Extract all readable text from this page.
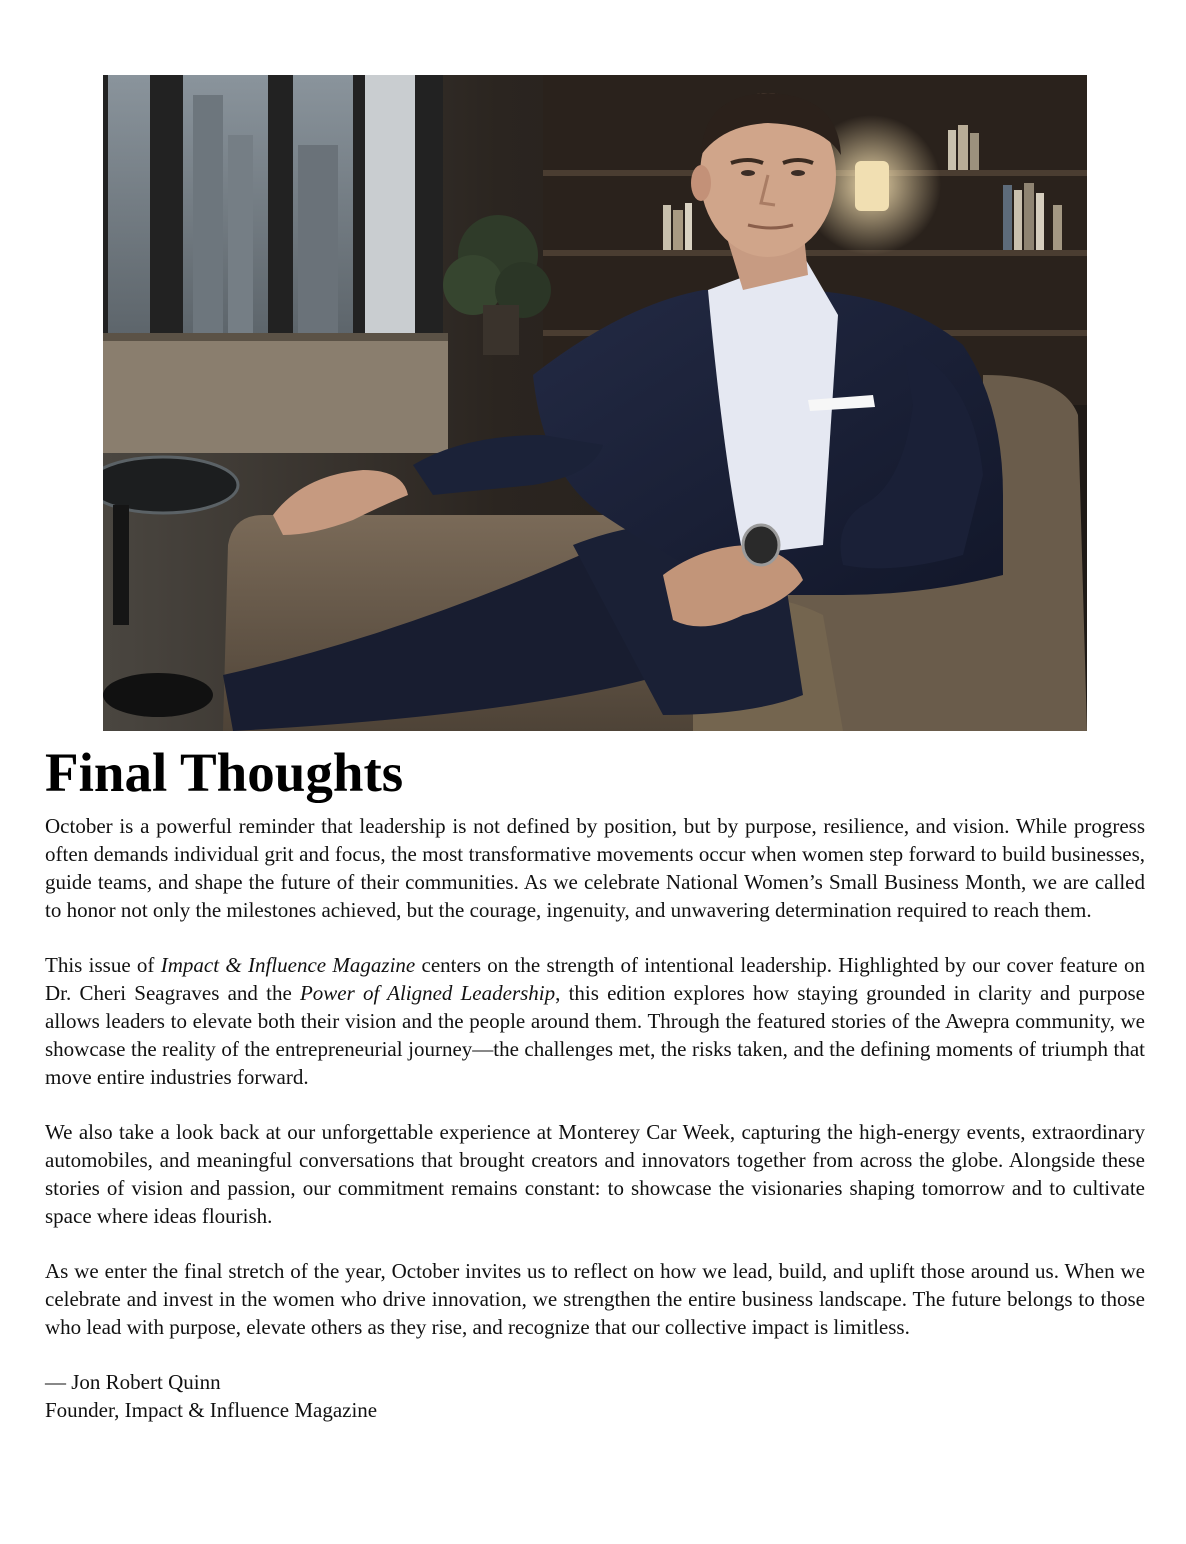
Final Thoughts

October is a powerful reminder that leadership is not defined by position, but by purpose, resilience, and vision. While progress often demands individual grit and focus, the most transformative movements occur when women step forward to build businesses, guide teams, and shape the future of their communities. As we celebrate National Women’s Small Business Month, we are called to honor not only the milestones achieved, but the courage, ingenuity, and unwavering determination required to reach them.

This issue of Impact & Influence Magazine centers on the strength of intentional leadership. Highlighted by our cover feature on Dr. Cheri Seagraves and the Power of Aligned Leadership, this edition explores how staying grounded in clarity and purpose allows leaders to elevate both their vision and the people around them. Through the featured stories of the Awepra community, we showcase the reality of the entrepreneurial journey—the challenges met, the risks taken, and the defining moments of triumph that move entire industries forward.

We also take a look back at our unforgettable experience at Monterey Car Week, capturing the high-energy events, extraordinary automobiles, and meaningful conversations that brought creators and innovators together from across the globe. Alongside these stories of vision and passion, our commitment remains constant: to showcase the visionaries shaping tomorrow and to cultivate space where ideas flourish.

As we enter the final stretch of the year, October invites us to reflect on how we lead, build, and uplift those around us. When we celebrate and invest in the women who drive innovation, we strengthen the entire business landscape. The future belongs to those who lead with purpose, elevate others as they rise, and recognize that our collective impact is limitless.

— Jon Robert Quinn
Founder, Impact & Influence Magazine
